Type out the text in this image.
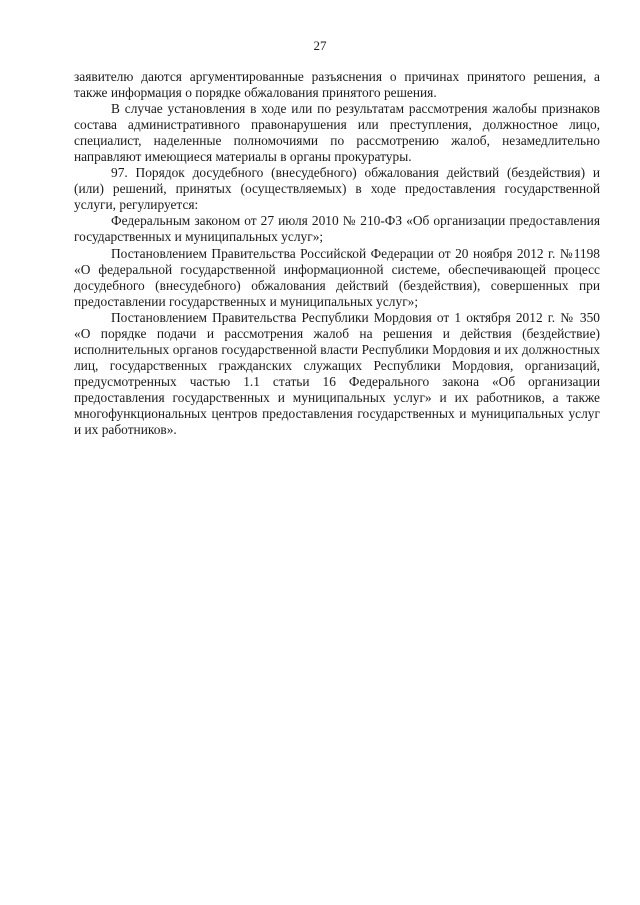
27

заявителю даются аргументированные разъяснения о причинах принятого решения, а также информация о порядке обжалования принятого решения.

В случае установления в ходе или по результатам рассмотрения жалобы признаков состава административного правонарушения или преступления, должностное лицо, специалист, наделенные полномочиями по рассмотрению жалоб, незамедлительно направляют имеющиеся материалы в органы прокуратуры.

97. Порядок досудебного (внесудебного) обжалования действий (бездействия) и (или) решений, принятых (осуществляемых) в ходе предоставления государственной услуги, регулируется:

Федеральным законом от 27 июля 2010 № 210-ФЗ «Об организации предоставления государственных и муниципальных услуг»;

Постановлением Правительства Российской Федерации от 20 ноября 2012 г. №1198 «О федеральной государственной информационной системе, обеспечивающей процесс досудебного (внесудебного) обжалования действий (бездействия), совершенных при предоставлении государственных и муниципальных услуг»;

Постановлением Правительства Республики Мордовия от 1 октября 2012 г. № 350 «О порядке подачи и рассмотрения жалоб на решения и действия (бездействие) исполнительных органов государственной власти Республики Мордовия и их должностных лиц, государственных гражданских служащих Республики Мордовия, организаций, предусмотренных частью 1.1 статьи 16 Федерального закона «Об организации предоставления государственных и муниципальных услуг» и их работников, а также многофункциональных центров предоставления государственных и муниципальных услуг и их работников».
